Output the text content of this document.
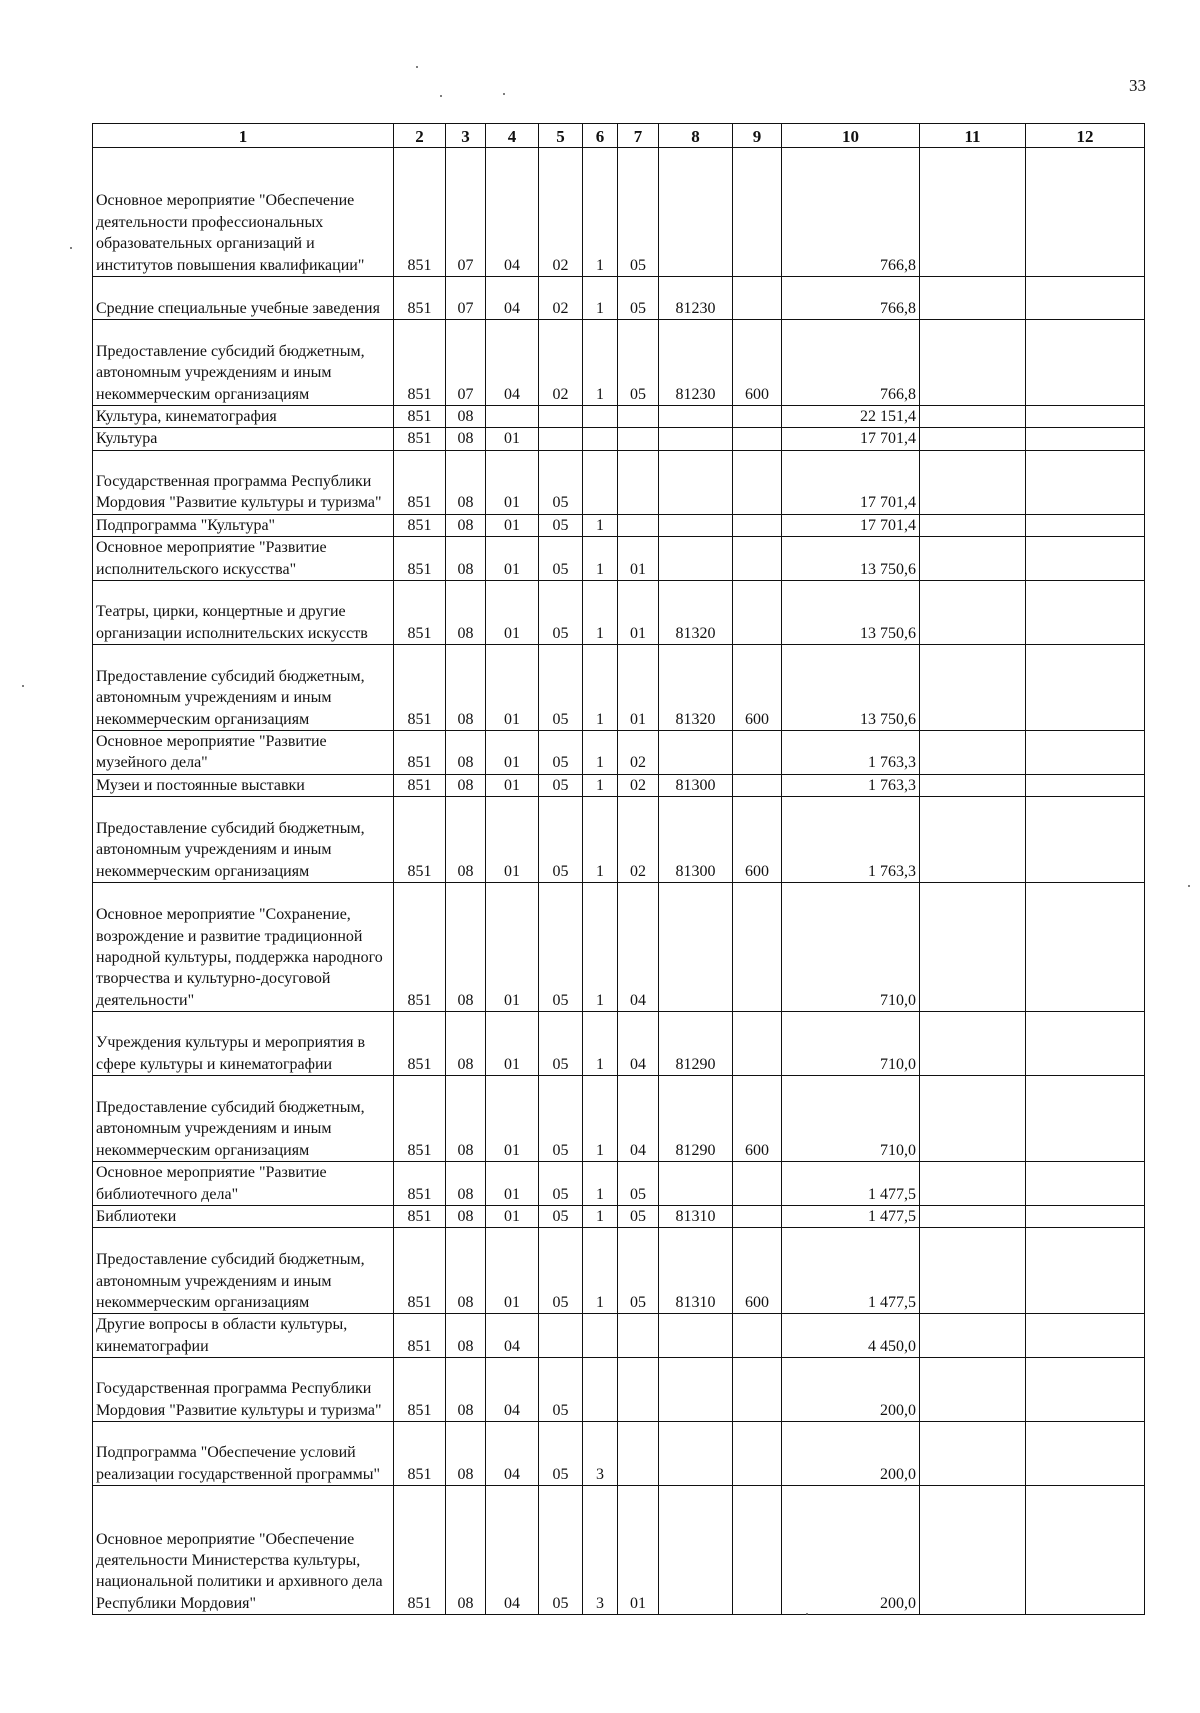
33
1	2	3	4	5	6	7	8	9	10	11	12
Основное мероприятие "Обеспечение деятельности профессиональных образовательных организаций и институтов повышения квалификации"	851	07	04	02	1	05			766,8		
Средние специальные учебные заведения	851	07	04	02	1	05	81230		766,8		
Предоставление субсидий бюджетным, автономным учреждениям и иным некоммерческим организациям	851	07	04	02	1	05	81230	600	766,8		
Культура, кинематография	851	08							22 151,4		
Культура	851	08	01						17 701,4		
Государственная программа Республики Мордовия "Развитие культуры и туризма"	851	08	01	05					17 701,4		
Подпрограмма "Культура"	851	08	01	05	1				17 701,4		
Основное мероприятие "Развитие исполнительского искусства"	851	08	01	05	1	01			13 750,6		
Театры, цирки, концертные и другие организации исполнительских искусств	851	08	01	05	1	01	81320		13 750,6		
Предоставление субсидий бюджетным, автономным учреждениям и иным некоммерческим организациям	851	08	01	05	1	01	81320	600	13 750,6		
Основное мероприятие "Развитие музейного дела"	851	08	01	05	1	02			1 763,3		
Музеи и постоянные выставки	851	08	01	05	1	02	81300		1 763,3		
Предоставление субсидий бюджетным, автономным учреждениям и иным некоммерческим организациям	851	08	01	05	1	02	81300	600	1 763,3		
Основное мероприятие "Сохранение, возрождение и развитие традиционной народной культуры, поддержка народного творчества и культурно-досуговой деятельности"	851	08	01	05	1	04			710,0		
Учреждения культуры и мероприятия в сфере культуры и кинематографии	851	08	01	05	1	04	81290		710,0		
Предоставление субсидий бюджетным, автономным учреждениям и иным некоммерческим организациям	851	08	01	05	1	04	81290	600	710,0		
Основное мероприятие "Развитие библиотечного дела"	851	08	01	05	1	05			1 477,5		
Библиотеки	851	08	01	05	1	05	81310		1 477,5		
Предоставление субсидий бюджетным, автономным учреждениям и иным некоммерческим организациям	851	08	01	05	1	05	81310	600	1 477,5		
Другие вопросы в области культуры, кинематографии	851	08	04						4 450,0		
Государственная программа Республики Мордовия "Развитие культуры и туризма"	851	08	04	05					200,0		
Подпрограмма "Обеспечение условий реализации государственной программы"	851	08	04	05	3				200,0		
Основное мероприятие "Обеспечение деятельности Министерства культуры, национальной политики и архивного дела Республики Мордовия"	851	08	04	05	3	01			200,0		
